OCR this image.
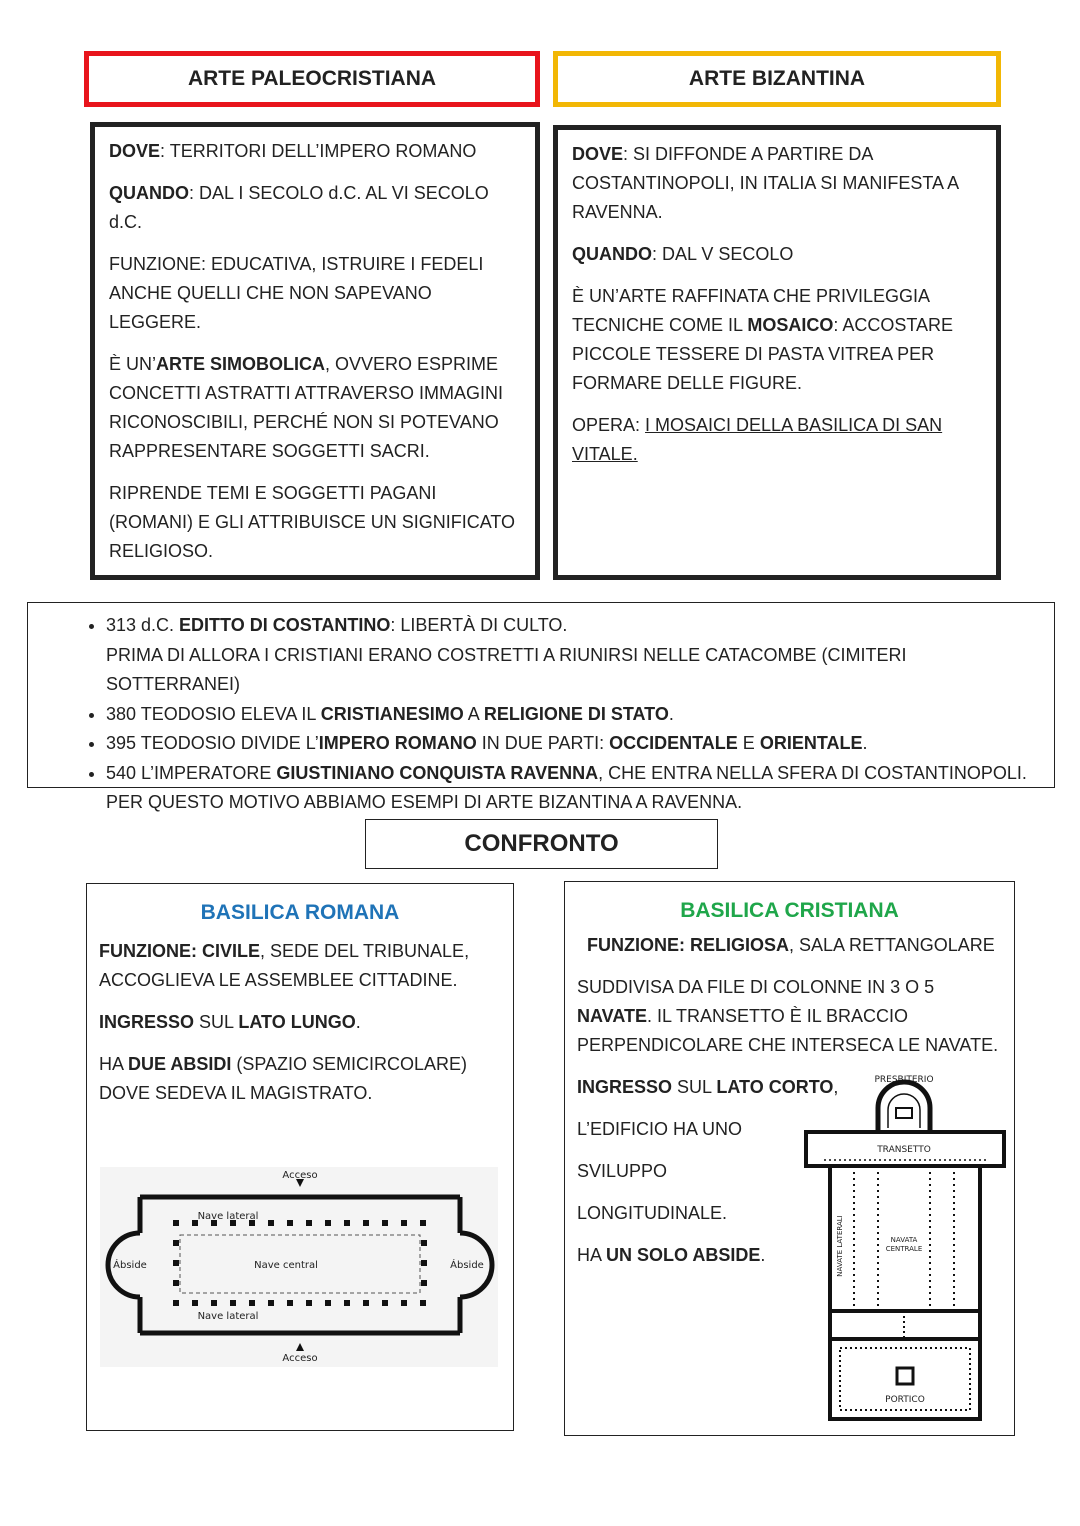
ARTE PALEOCRISTIANA	ARTE BIZANTINA

DOVE: TERRITORI DELL’IMPERO ROMANO

QUANDO: DAL I SECOLO d.C. AL VI SECOLO d.C.

FUNZIONE: EDUCATIVA, ISTRUIRE I FEDELI ANCHE QUELLI CHE NON SAPEVANO LEGGERE.

È UN’ARTE SIMOBOLICA, OVVERO ESPRIME CONCETTI ASTRATTI ATTRAVERSO IMMAGINI RICONOSCIBILI, PERCHÉ NON SI POTEVANO RAPPRESENTARE SOGGETTI SACRI.

RIPRENDE TEMI E SOGGETTI PAGANI (ROMANI) E GLI ATTRIBUISCE UN SIGNIFICATO RELIGIOSO.

DOVE: SI DIFFONDE A PARTIRE DA COSTANTINOPOLI, IN ITALIA SI MANIFESTA A RAVENNA.

QUANDO: DAL V SECOLO

È UN’ARTE RAFFINATA CHE PRIVILEGGIA TECNICHE COME IL MOSAICO: ACCOSTARE PICCOLE TESSERE DI PASTA VITREA PER FORMARE DELLE FIGURE.

OPERA: I MOSAICI DELLA BASILICA DI SAN VITALE.

• 313 d.C. EDITTO DI COSTANTINO: LIBERTÀ DI CULTO.
PRIMA DI ALLORA I CRISTIANI ERANO COSTRETTI A RIUNIRSI NELLE CATACOMBE (CIMITERI SOTTERRANEI)
• 380 TEODOSIO ELEVA IL CRISTIANESIMO A RELIGIONE DI STATO.
• 395 TEODOSIO DIVIDE L’IMPERO ROMANO IN DUE PARTI: OCCIDENTALE E ORIENTALE.
• 540 L’IMPERATORE GIUSTINIANO CONQUISTA RAVENNA, CHE ENTRA NELLA SFERA DI COSTANTINOPOLI. PER QUESTO MOTIVO ABBIAMO ESEMPI DI ARTE BIZANTINA A RAVENNA.
CONFRONTO
BASILICA ROMANA

FUNZIONE: CIVILE, SEDE DEL TRIBUNALE, ACCOGLIEVA LE ASSEMBLEE CITTADINE.

INGRESSO SUL LATO LUNGO.

HA DUE ABSIDI (SPAZIO SEMICIRCOLARE) DOVE SEDEVA IL MAGISTRATO.

Acceso
Acceso
Nave lateral
Nave lateral
Nave central
Ábside	Ábside
BASILICA CRISTIANA

FUNZIONE: RELIGIOSA, SALA RETTANGOLARE

SUDDIVISA DA FILE DI COLONNE IN 3 O 5 NAVATE. IL TRANSETTO È IL BRACCIO PERPENDICOLARE CHE INTERSECA LE NAVATE.

INGRESSO SUL LATO CORTO,

L’EDIFICIO HA UNO

SVILUPPO

LONGITUDINALE.

HA UN SOLO ABSIDE.

PRESBITERIO
TRANSETTO
NAVATE LATERALI	NAVATA
CENTRALE
PORTICO
